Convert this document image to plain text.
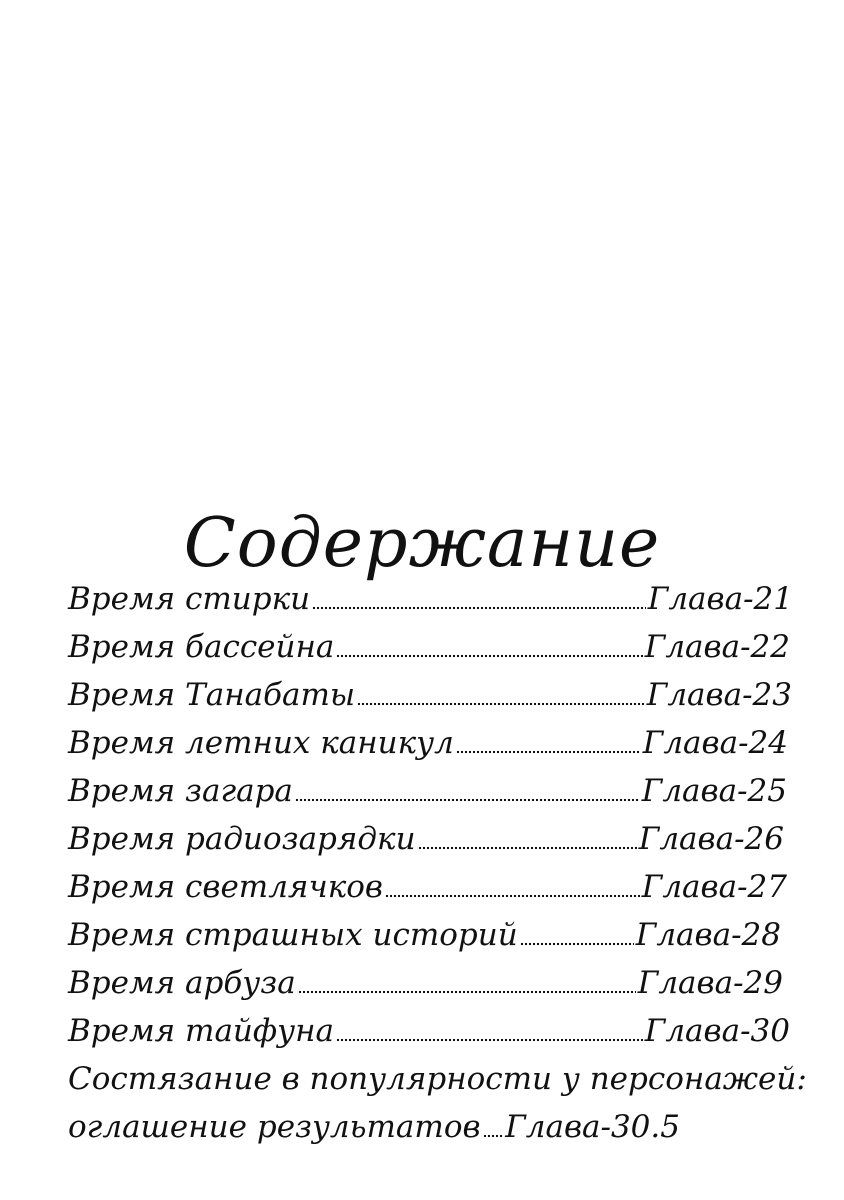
Содержание
Время стирки	Глава-21
Время бассейна	Глава-22
Время Танабаты	Глава-23
Время летних каникул	Глава-24
Время загара	Глава-25
Время радиозарядки	Глава-26
Время светлячков	Глава-27
Время страшных историй	Глава-28
Время арбуза	Глава-29
Время тайфуна	Глава-30
Состязание в популярности у персонажей:
оглашение результатов Глава-30.5
